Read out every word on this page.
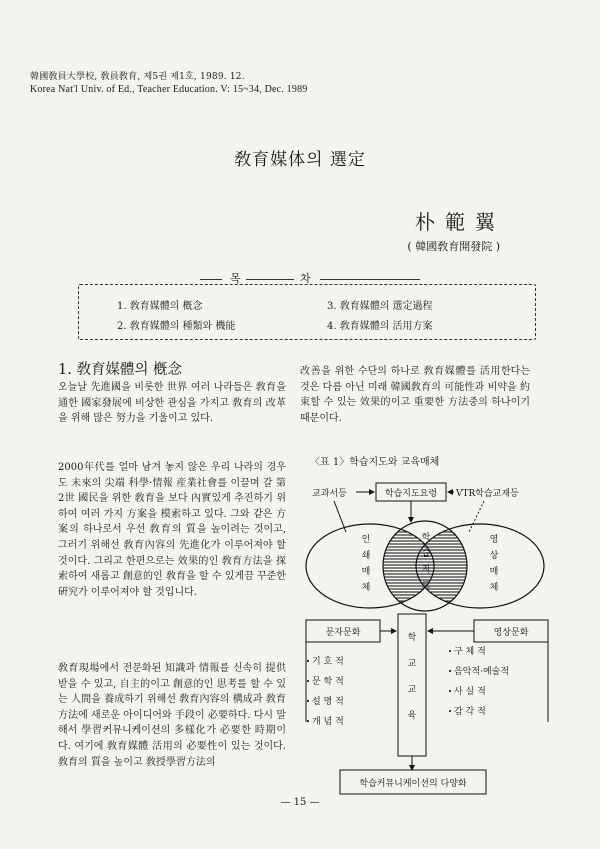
韓國敎員大學校, 敎員敎育, 제5권 제1호, 1989. 12.
Korea Nat'l Univ. of Ed., Teacher Education. V: 15~34, Dec. 1989
敎育媒体의 選定
朴範翼
( 韓國敎育開發院 )
목	차
1. 敎育媒體의 槪念
2. 敎育媒體의 種類와 機能
3. 敎育媒體의 選定過程
4. 敎育媒體의 活用方案
1. 敎育媒體의 槪念
오늘날 先進國을 비롯한 世界 여러 나라들은 敎育을 通한 國家發展에 비상한 관심을 가지고 敎育의 改革을 위해 많은 努力을 기울이고 있다.
2000年代를 얼마 남겨 놓지 않은 우리 나라의 경우도 未來의 尖端 科學·情報 産業社會를 이끌며 갈 第2世 國民을 위한 敎育을 보다 內實있게 추진하기 위하여 여러 가지 方案을 模索하고 있다. 그와 같은 方案의 하나로서 우선 敎育의 質을 높이려는 것이고, 그러기 위해선 敎育內容의 先進化가 이루어져야 할 것이다. 그리고 한편으로는 效果的인 敎育方法을 探索하여 새롭고 創意的인 敎育을 할 수 있게끔 꾸준한 硏究가 이루어져야 할 것입니다.
敎育現場에서 전문화된 知識과 情報를 신속히 提供받을 수 있고, 自主的이고 創意的인 思考를 할 수 있는 人間을 養成하기 위해선 敎育內容의 構成과 敎育方法에 새로운 아이디어와 手段이 必要하다. 다시 말해서 學習커뮤니케이션의 多樣化가 必要한 時期이다. 여기에 敎育媒體 活用의 必要性이 있는 것이다. 敎育의 質을 높이고 敎授學習方法의
改善을 위한 수단의 하나로 敎育媒體를 活用한다는 것은 다름 아닌 미래 韓國敎育의 可能性과 비약을 約束할 수 있는 效果的이고 重要한 方法중의 하나이기 때문이다.
〈표 1〉학습지도와 교육매체
학습지도요령
교과서등	VTR학습교재등
인
쇄
매
체
학
습
지
도
영
상
매
체
문자문화	영상문화
학
교
교
육
기 호 적
문 학 적
설 명 적
개 념 적
구 체 적
음악적·예술적
사 실 적
감 각 적
학습커뮤니케이션의 다양화
— 15 —
